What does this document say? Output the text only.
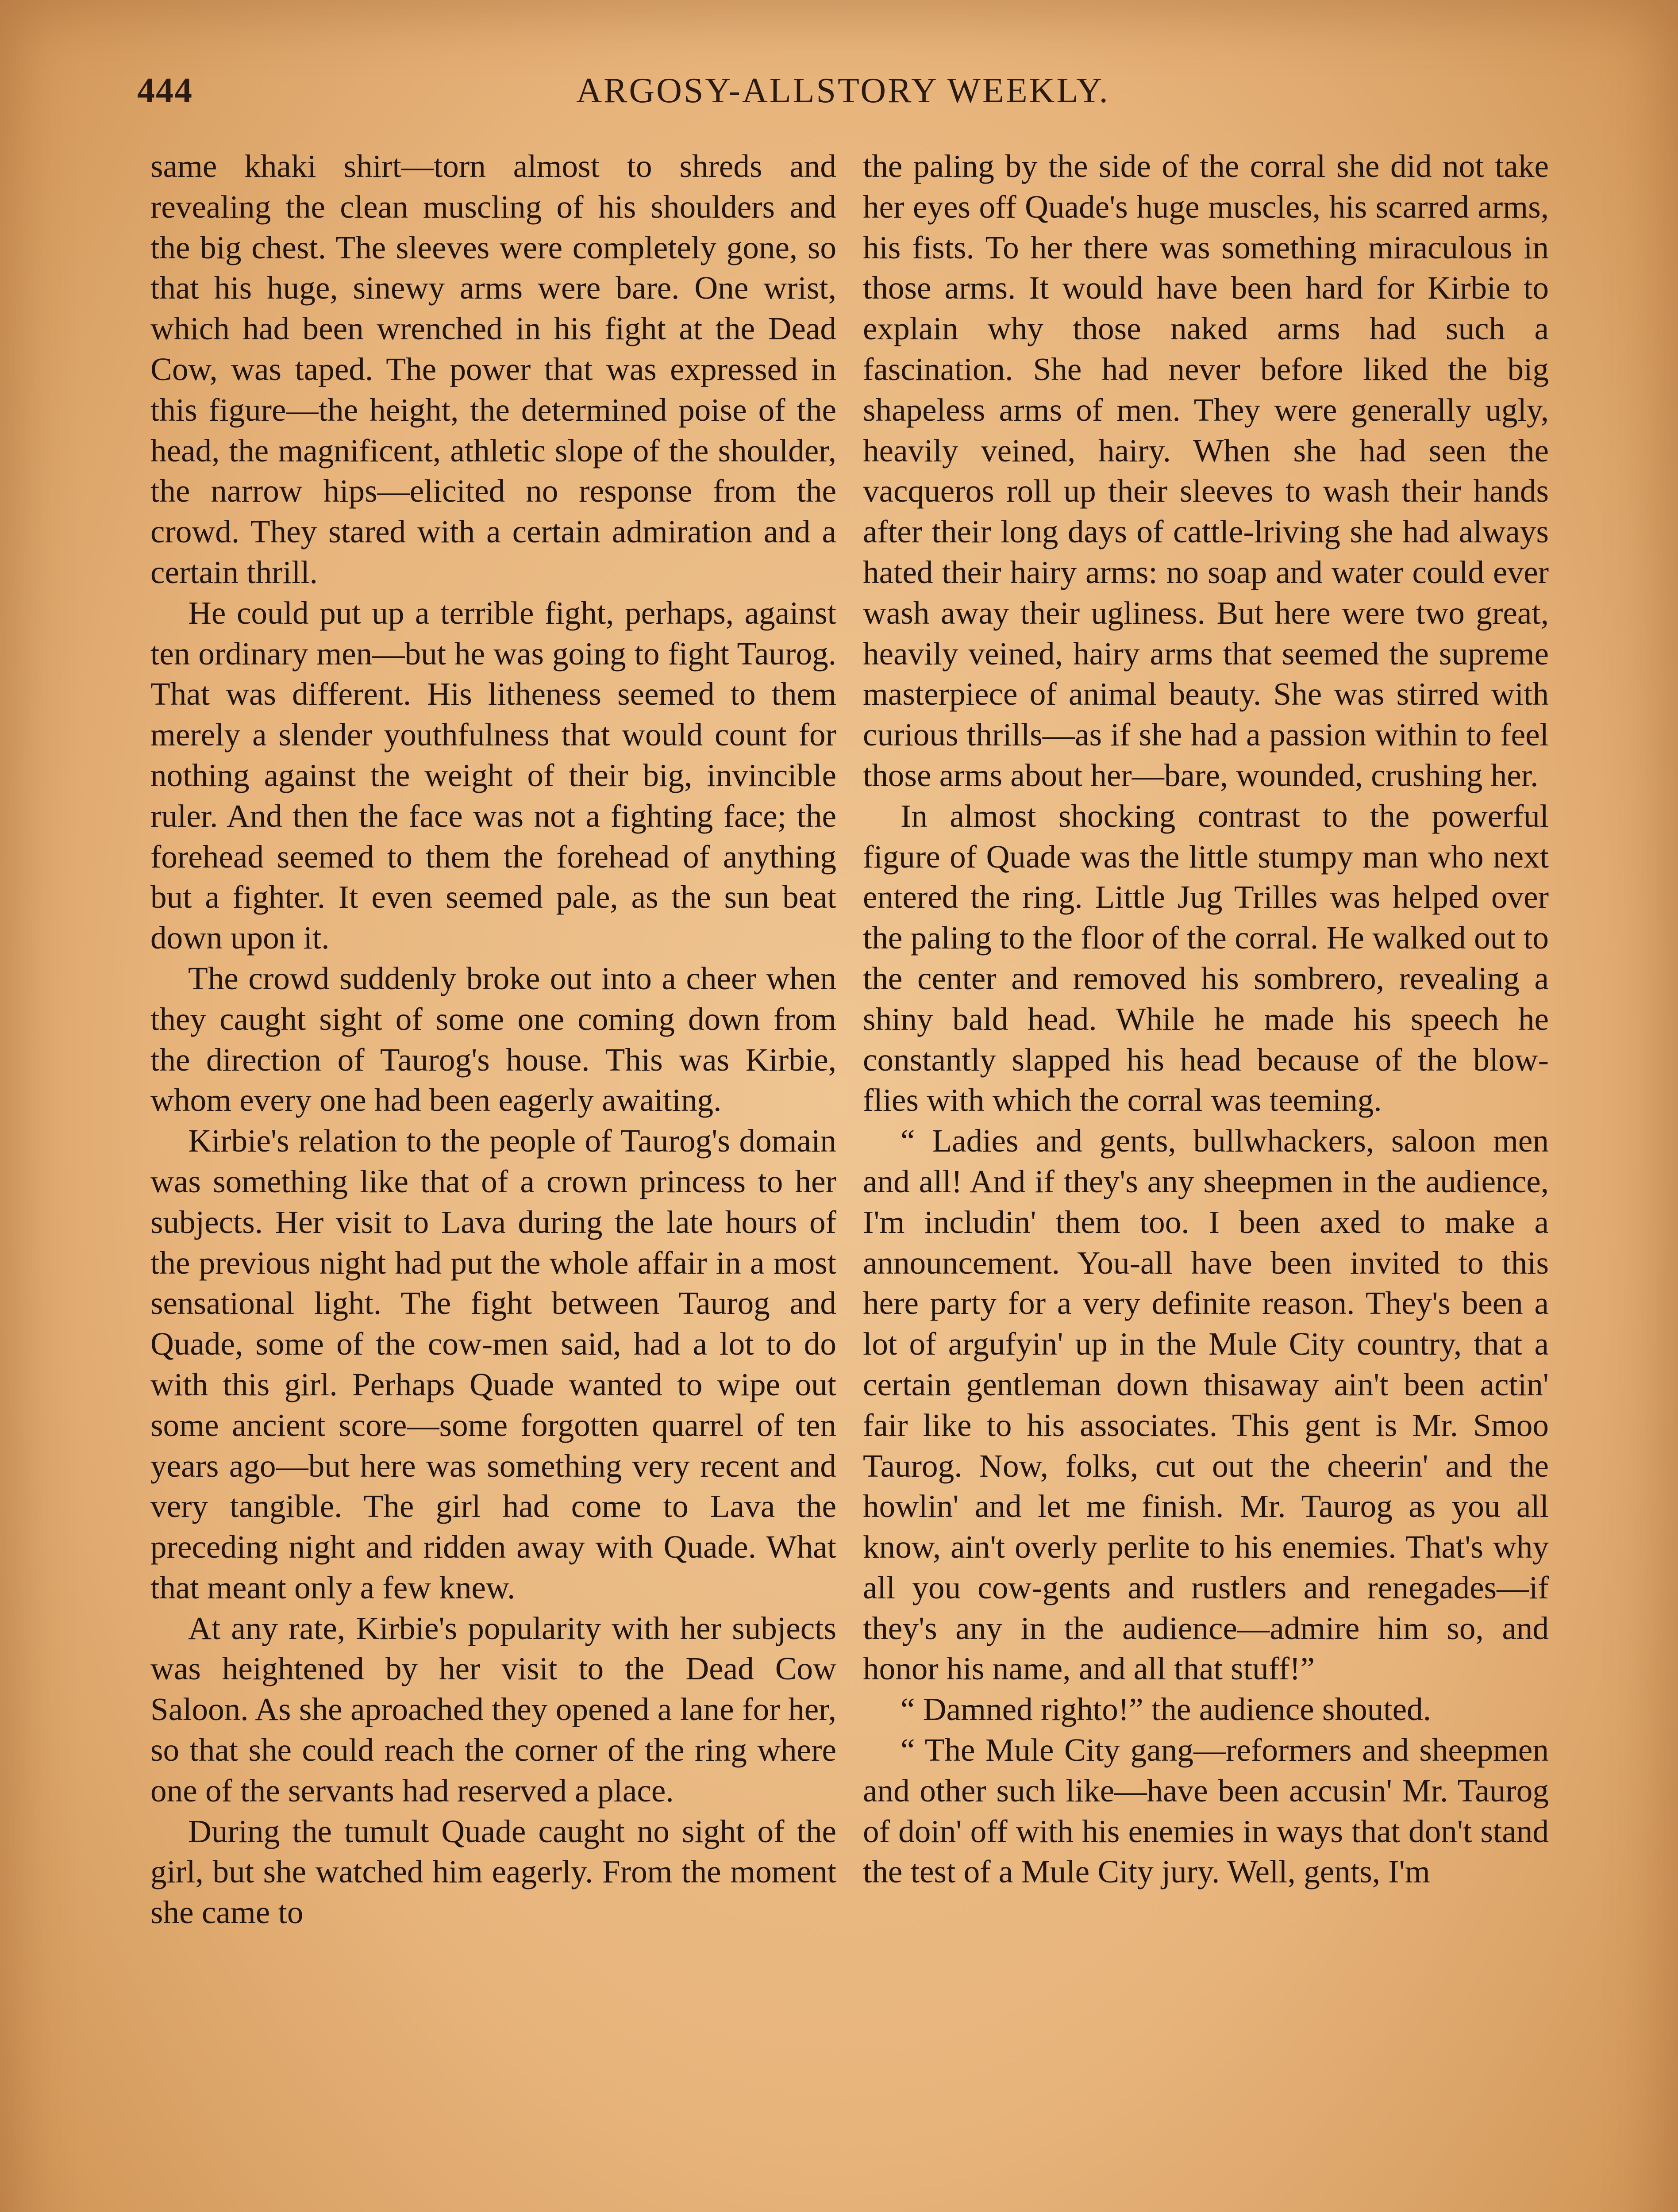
444	ARGOSY-ALLSTORY WEEKLY.

same khaki shirt—torn almost to shreds and revealing the clean muscling of his shoulders and the big chest. The sleeves were completely gone, so that his huge, sinewy arms were bare. One wrist, which had been wrenched in his fight at the Dead Cow, was taped. The power that was expressed in this figure—the height, the determined poise of the head, the magnificent, athletic slope of the shoulder, the narrow hips—elicited no response from the crowd. They stared with a certain admiration and a certain thrill.

He could put up a terrible fight, perhaps, against ten ordinary men—but he was going to fight Taurog. That was different. His litheness seemed to them merely a slender youthfulness that would count for nothing against the weight of their big, invincible ruler. And then the face was not a fighting face; the forehead seemed to them the forehead of anything but a fighter. It even seemed pale, as the sun beat down upon it.

The crowd suddenly broke out into a cheer when they caught sight of some one coming down from the direction of Taurog's house. This was Kirbie, whom every one had been eagerly awaiting.

Kirbie's relation to the people of Taurog's domain was something like that of a crown princess to her subjects. Her visit to Lava during the late hours of the previous night had put the whole affair in a most sensational light. The fight between Taurog and Quade, some of the cow-men said, had a lot to do with this girl. Perhaps Quade wanted to wipe out some ancient score—some forgotten quarrel of ten years ago—but here was something very recent and very tangible. The girl had come to Lava the preceding night and ridden away with Quade. What that meant only a few knew.

At any rate, Kirbie's popularity with her subjects was heightened by her visit to the Dead Cow Saloon. As she aproached they opened a lane for her, so that she could reach the corner of the ring where one of the servants had reserved a place.

During the tumult Quade caught no sight of the girl, but she watched him eagerly. From the moment she came to

the paling by the side of the corral she did not take her eyes off Quade's huge muscles, his scarred arms, his fists. To her there was something miraculous in those arms. It would have been hard for Kirbie to explain why those naked arms had such a fascination. She had never before liked the big shapeless arms of men. They were generally ugly, heavily veined, hairy. When she had seen the vacqueros roll up their sleeves to wash their hands after their long days of cattle-lriving she had always hated their hairy arms: no soap and water could ever wash away their ugliness. But here were two great, heavily veined, hairy arms that seemed the supreme masterpiece of animal beauty. She was stirred with curious thrills—as if she had a passion within to feel those arms about her—bare, wounded, crushing her.

In almost shocking contrast to the powerful figure of Quade was the little stumpy man who next entered the ring. Little Jug Trilles was helped over the paling to the floor of the corral. He walked out to the center and removed his sombrero, revealing a shiny bald head. While he made his speech he constantly slapped his head because of the blow-flies with which the corral was teeming.

“ Ladies and gents, bullwhackers, saloon men and all! And if they's any sheepmen in the audience, I'm includin' them too. I been axed to make a announcement. You-all have been invited to this here party for a very definite reason. They's been a lot of argufyin' up in the Mule City country, that a certain gentleman down thisaway ain't been actin' fair like to his associates. This gent is Mr. Smoo Taurog. Now, folks, cut out the cheerin' and the howlin' and let me finish. Mr. Taurog as you all know, ain't overly perlite to his enemies. That's why all you cow-gents and rustlers and renegades—if they's any in the audience—admire him so, and honor his name, and all that stuff!”

“ Damned righto!” the audience shouted.

“ The Mule City gang—reformers and sheepmen and other such like—have been accusin' Mr. Taurog of doin' off with his enemies in ways that don't stand the test of a Mule City jury. Well, gents, I'm
